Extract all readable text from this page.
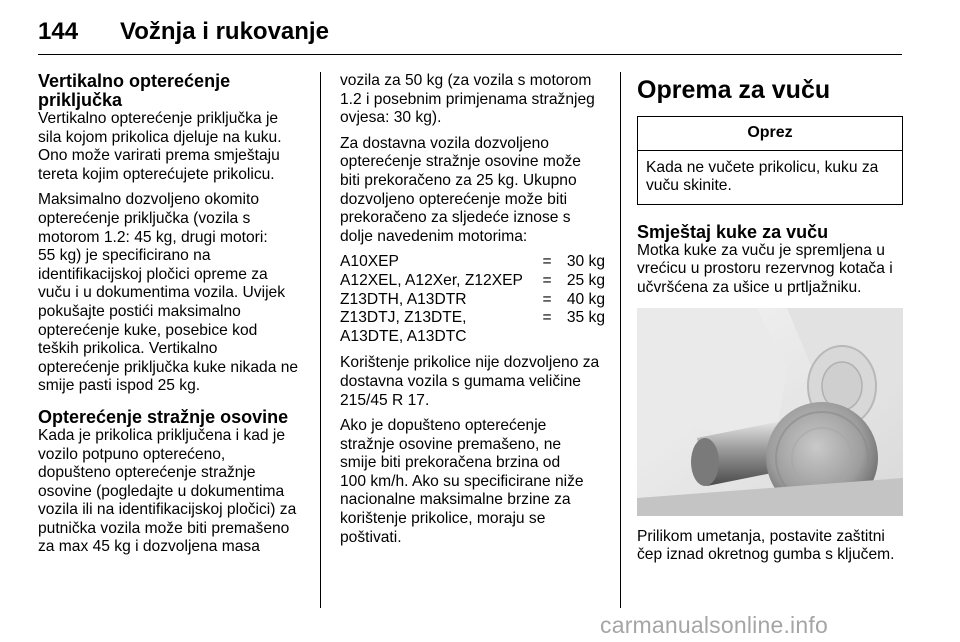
144 Vožnja i rukovanje
Vertikalno opterećenje
priključka

Vertikalno opterećenje priključka je
sila kojom prikolica djeluje na kuku.
Ono može varirati prema smještaju
tereta kojim opterećujete prikolicu.

Maksimalno dozvoljeno okomito
opterećenje priključka (vozila s
motorom 1.2: 45 kg, drugi motori:
55 kg) je specificirano na
identifikacijskoj pločici opreme za
vuču i u dokumentima vozila. Uvijek
pokušajte postići maksimalno
opterećenje kuke, posebice kod
teških prikolica. Vertikalno
opterećenje priključka kuke nikada ne
smije pasti ispod 25 kg.

Opterećenje stražnje osovine

Kada je prikolica priključena i kad je
vozilo potpuno opterećeno,
dopušteno opterećenje stražnje
osovine (pogledajte u dokumentima
vozila ili na identifikacijskoj pločici) za
putnička vozila može biti premašeno
za max 45 kg i dozvoljena masa

vozila za 50 kg (za vozila s motorom
1.2 i posebnim primjenama stražnjeg
ovjesa: 30 kg).

Za dostavna vozila dozvoljeno
opterećenje stražnje osovine može
biti prekoračeno za 25 kg. Ukupno
dozvoljeno opterećenje može biti
prekoračeno za sljedeće iznose s
dolje navedenim motorima:

A10XEP	=	30 kg
A12XEL, A12Xer, Z12XEP	=	25 kg
Z13DTH, A13DTR	=	40 kg
Z13DTJ, Z13DTE, A13DTE, A13DTC	=	35 kg

Korištenje prikolice nije dozvoljeno za
dostavna vozila s gumama veličine
215/45 R 17.

Ako je dopušteno opterećenje
stražnje osovine premašeno, ne
smije biti prekoračena brzina od
100 km/h. Ako su specificirane niže
nacionalne maksimalne brzine za
korištenje prikolice, moraju se
poštivati.

Oprema za vuču
Oprez
Kada ne vučete prikolicu, kuku za
vuču skinite.
Smještaj kuke za vuču

Motka kuke za vuču je spremljena u
vrećicu u prostoru rezervnog kotača i
učvršćena za ušice u prtljažniku.

Prilikom umetanja, postavite zaštitni
čep iznad okretnog gumba s ključem.

carmanualsonline.info
